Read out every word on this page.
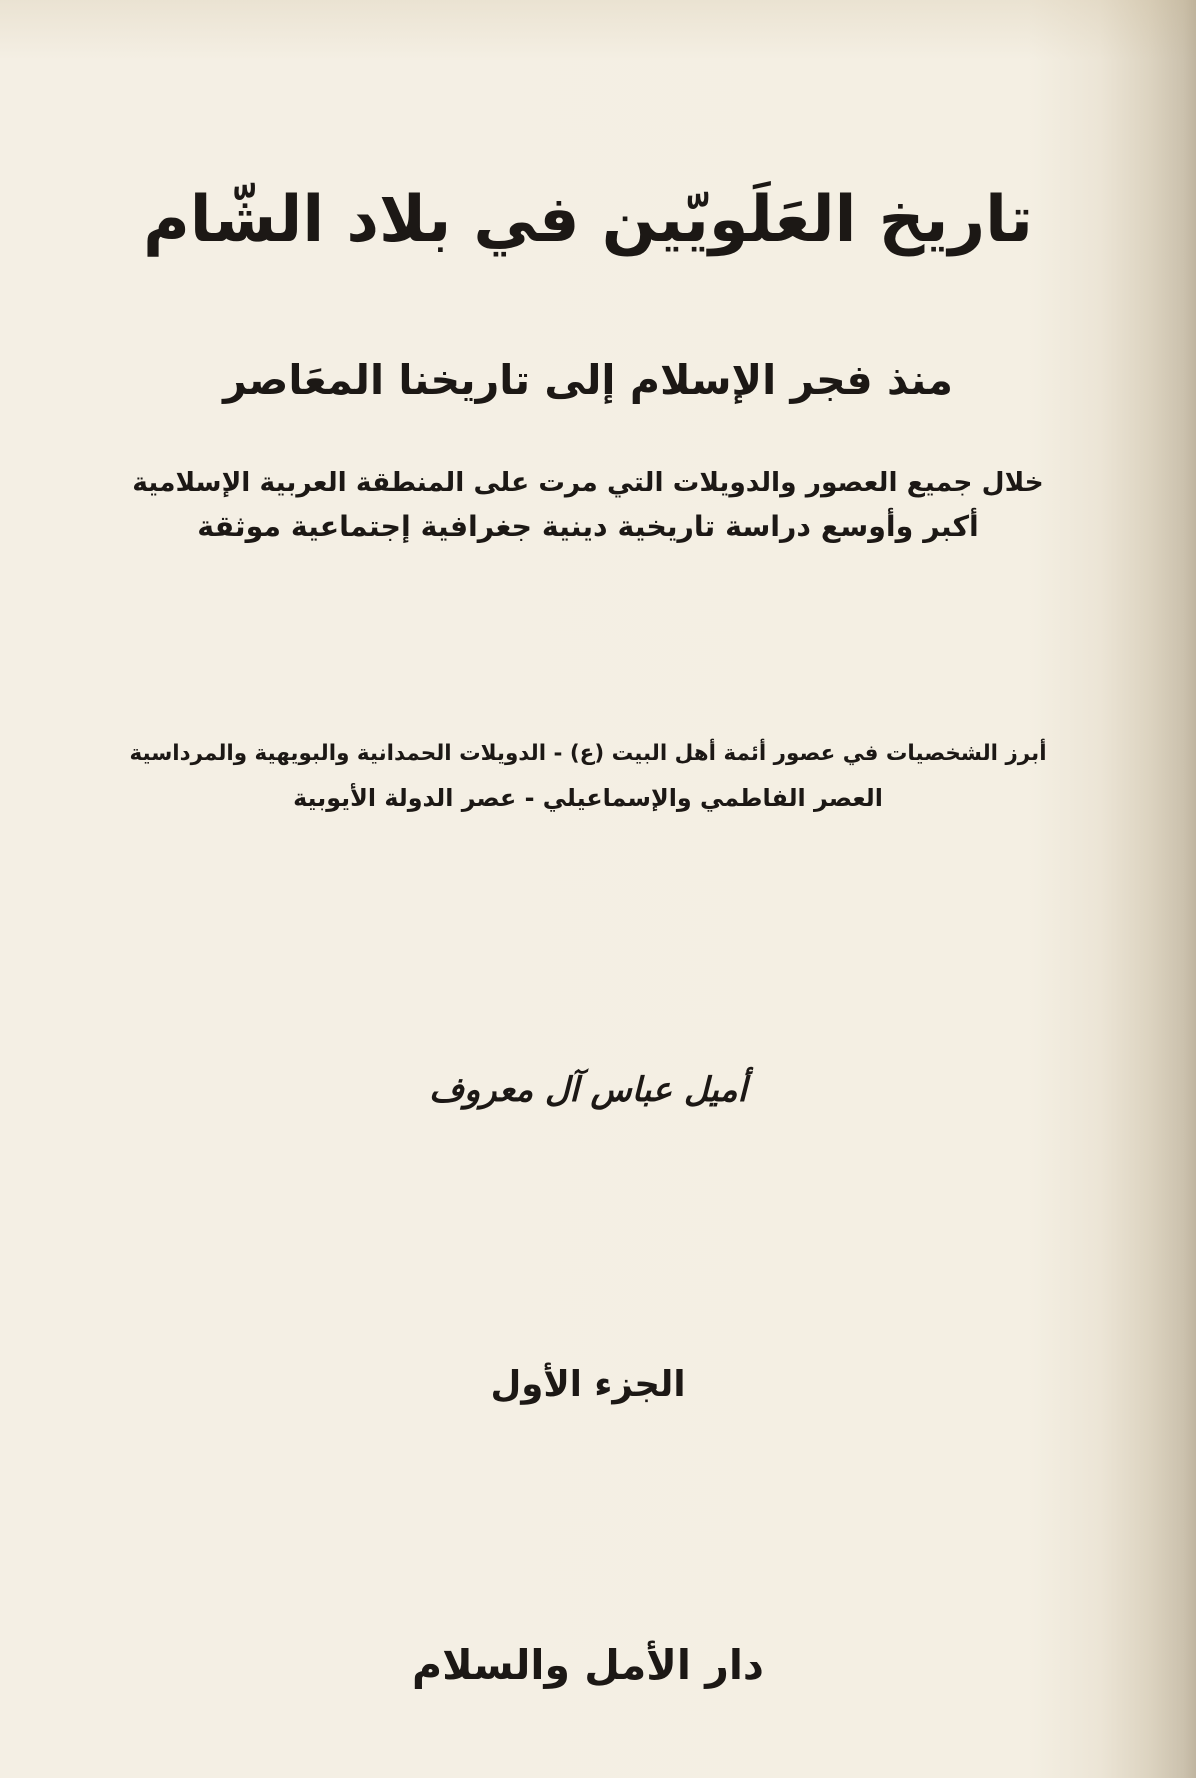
تاريخ العَلَويّين في بلاد الشّام
منذ فجر الإسلام إلى تاريخنا المعَاصر
خلال جميع العصور والدويلات التي مرت على المنطقة العربية الإسلامية
أكبر وأوسع دراسة تاريخية دينية جغرافية إجتماعية موثقة
أبرز الشخصيات في عصور أئمة أهل البيت (ع) - الدويلات الحمدانية والبويهية والمرداسية
العصر الفاطمي والإسماعيلي - عصر الدولة الأيوبية
أميل عباس آل معروف
الجزء الأول
دار الأمل والسلام
